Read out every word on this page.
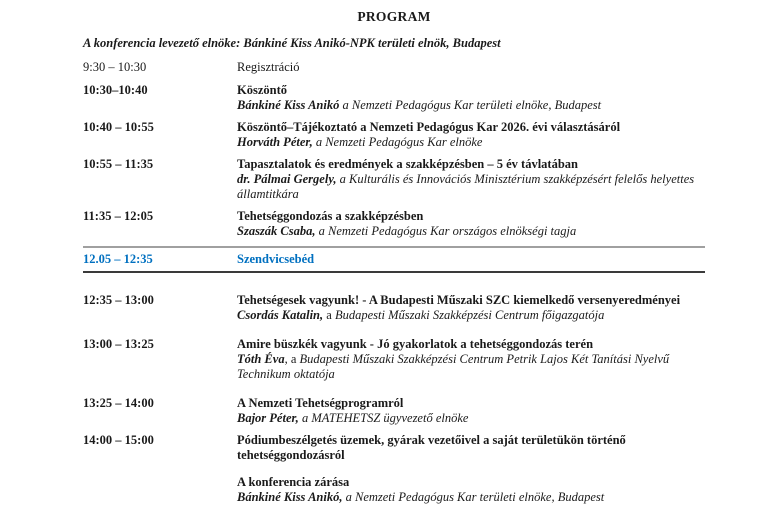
PROGRAM

A konferencia levezető elnöke: Bánkiné Kiss Anikó-NPK területi elnök, Budapest

9:30 – 10:30	Regisztráció
10:30–10:40	Köszöntő
Bánkiné Kiss Anikó a Nemzeti Pedagógus Kar területi elnöke, Budapest
10:40 – 10:55	Köszöntő–Tájékoztató a Nemzeti Pedagógus Kar 2026. évi választásáról
Horváth Péter, a Nemzeti Pedagógus Kar elnöke
10:55 – 11:35	Tapasztalatok és eredmények a szakképzésben – 5 év távlatában
dr. Pálmai Gergely, a Kulturális és Innovációs Minisztérium szakképzésért felelős helyettes
államtitkára
11:35 – 12:05	Tehetséggondozás a szakképzésben
Szaszák Csaba, a Nemzeti Pedagógus Kar országos elnökségi tagja
12.05 – 12:35	Szendvicsebéd
12:35 – 13:00	Tehetségesek vagyunk! - A Budapesti Műszaki SZC kiemelkedő versenyeredményei
Csordás Katalin, a Budapesti Műszaki Szakképzési Centrum főigazgatója
13:00 – 13:25	Amire büszkék vagyunk - Jó gyakorlatok a tehetséggondozás terén
Tóth Éva, a Budapesti Műszaki Szakképzési Centrum Petrik Lajos Két Tanítási Nyelvű
Technikum oktatója
13:25 – 14:00	A Nemzeti Tehetségprogramról
Bajor Péter, a MATEHETSZ ügyvezető elnöke
14:00 – 15:00	Pódiumbeszélgetés üzemek, gyárak vezetőivel a saját területükön történő
tehetséggondozásról
A konferencia zárása
Bánkiné Kiss Anikó, a Nemzeti Pedagógus Kar területi elnöke, Budapest
